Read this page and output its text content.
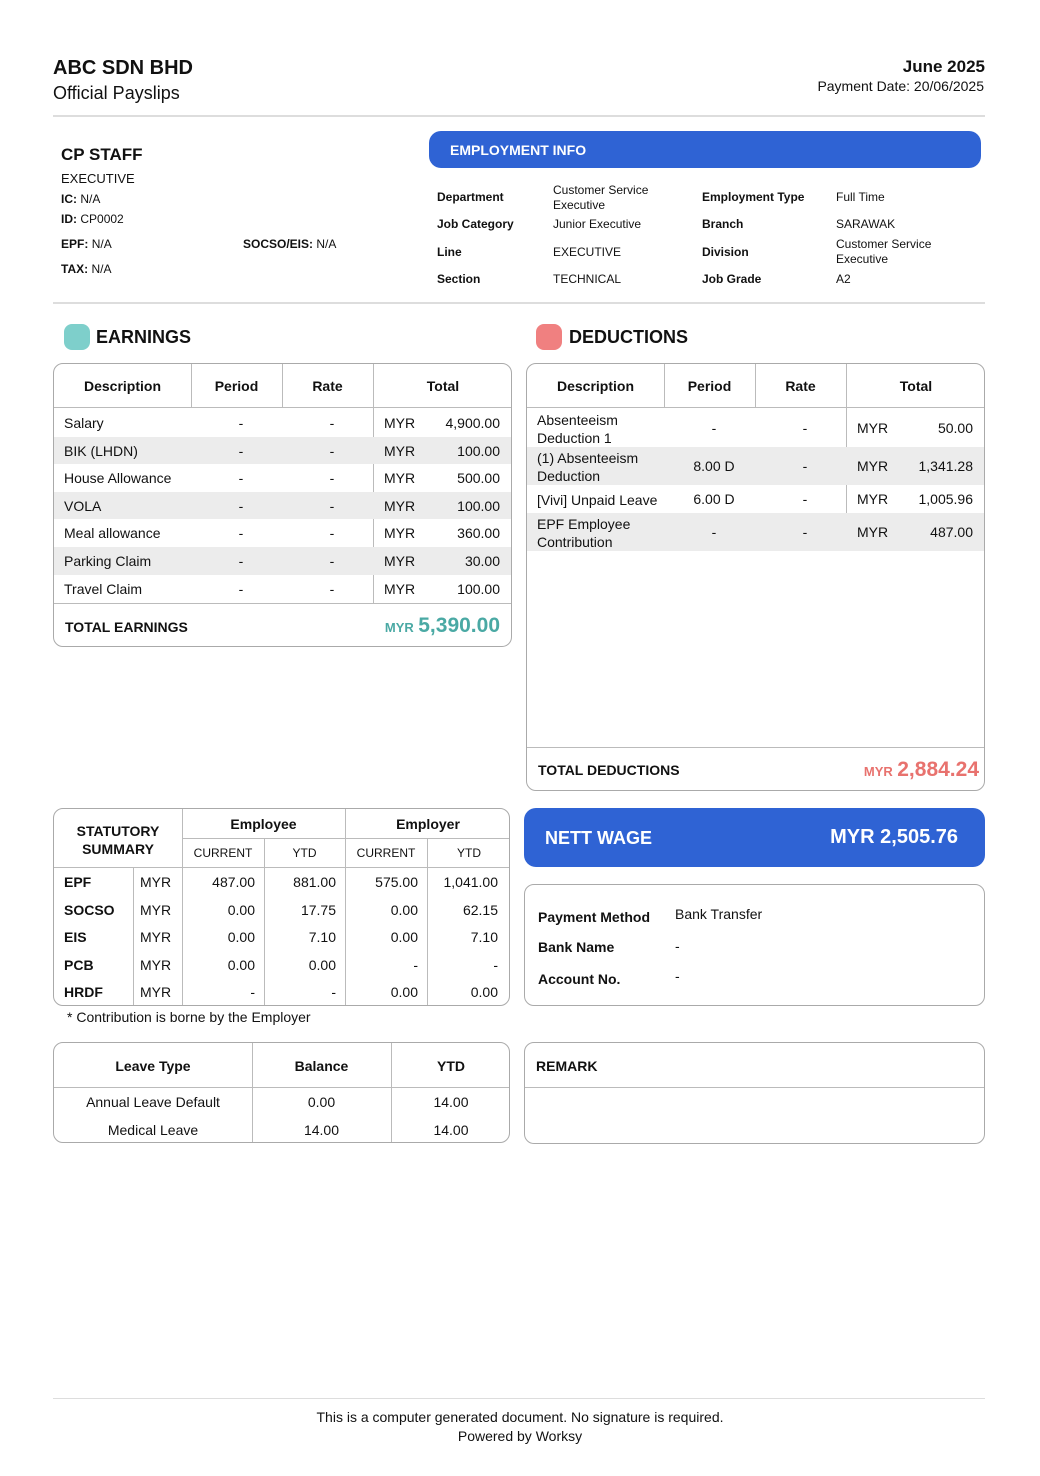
ABC SDN BHD
Official Payslips
June 2025
Payment Date: 20/06/2025
CP STAFF
EXECUTIVE
IC: N/A
ID: CP0002
EPF: N/A	SOCSO/EIS: N/A
TAX: N/A
EMPLOYMENT INFO
Department	Customer Service Executive
Job Category	Junior Executive
Line	EXECUTIVE
Section	TECHNICAL
Employment Type	Full Time
Branch	SARAWAK
Division
Customer Service Executive
Job Grade	A2
EARNINGS
Description	Period	Rate	Total
Salary	-	-	MYR 4,900.00
BIK (LHDN)	-	-	MYR	100.00
House Allowance	-	-	MYR	500.00
VOLA	-	-	MYR	100.00
Meal allowance	-	-	MYR	360.00
Parking Claim	-	-	MYR	30.00
Travel Claim	-	-	MYR	100.00
TOTAL EARNINGS	MYR 5,390.00
DEDUCTIONS
Description	Period	Rate	Total
Absenteeism
Deduction 1
-	-	MYR	50.00
(1) Absenteeism
Deduction
8.00 D	-	MYR 1,341.28
[Vivi] Unpaid Leave	6.00 D	-	MYR 1,005.96
EPF Employee
Contribution
-	-	MYR	487.00
TOTAL DEDUCTIONS	MYR 2,884.24
STATUTORY
SUMMARY
Employee	Employer
CURRENT	YTD	CURRENT	YTD
EPF	MYR	487.00	881.00	575.00 1,041.00
SOCSO MYR	0.00	17.75	0.00	62.15
EIS	MYR	0.00	7.10	0.00	7.10
PCB	MYR	0.00	0.00	-	-
HRDF	MYR	-	-	0.00	0.00
* Contribution is borne by the Employer
NETT WAGE	MYR 2,505.76
Payment Method Bank Transfer
Bank Name	-
Account No.	-
Leave Type	Balance	YTD
Annual Leave Default	0.00	14.00
Medical Leave	14.00	14.00
REMARK
This is a computer generated document. No signature is required.
Powered by Worksy
